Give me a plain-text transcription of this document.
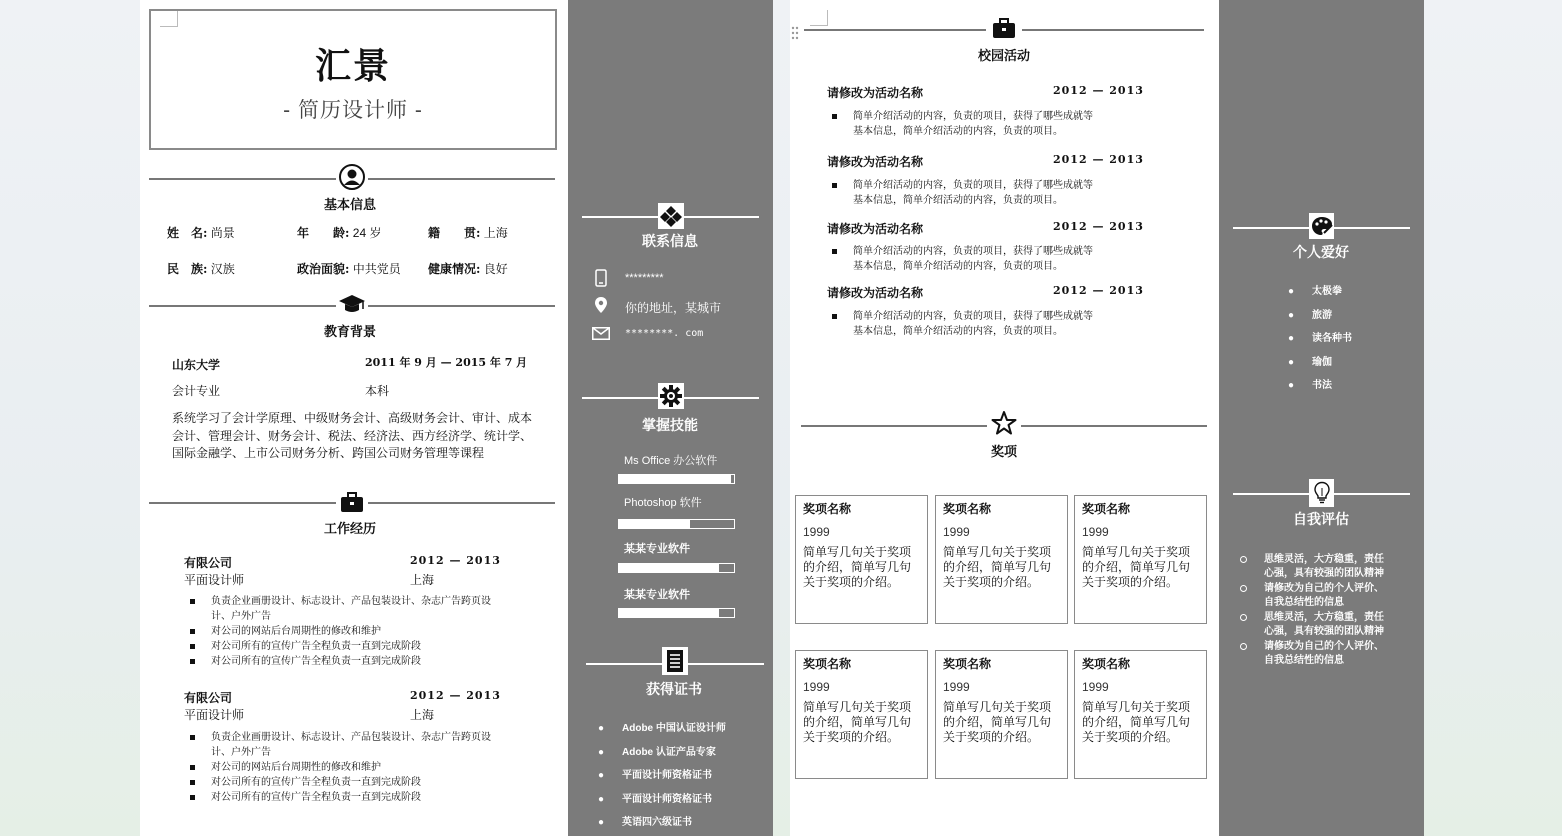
汇景
- 简历设计师 -
基本信息
姓　名: 尚景	年　　龄: 24 岁	籍　　贯: 上海
民　族: 汉族	政治面貌: 中共党员 健康情况: 良好
教育背景
山东大学	2011 年 9 月 — 2015 年 7 月
会计专业	本科
系统学习了会计学原理、中级财务会计、高级财务会计、审计、成本会计、管理会计、财务会计、税法、经济法、西方经济学、统计学、国际金融学、上市公司财务分析、跨国公司财务管理等课程
工作经历
有限公司	2012 — 2013
平面设计师	上海
负责企业画册设计、标志设计、产品包装设计、杂志广告跨页设计、户外广告
对公司的网站后台周期性的修改和维护
对公司所有的宣传广告全程负责一直到完成阶段
对公司所有的宣传广告全程负责一直到完成阶段
有限公司	2012 — 2013
平面设计师	上海
负责企业画册设计、标志设计、产品包装设计、杂志广告跨页设计、户外广告
对公司的网站后台周期性的修改和维护
对公司所有的宣传广告全程负责一直到完成阶段
对公司所有的宣传广告全程负责一直到完成阶段
联系信息
*********
你的地址，某城市
********. com
掌握技能
Ms Office 办公软件
Photoshop 软件
某某专业软件
某某专业软件
获得证书
● Adobe 中国认证设计师
● Adobe 认证产品专家
● 平面设计师资格证书
● 平面设计师资格证书
● 英语四六级证书
校园活动
请修改为活动名称	2012 — 2013
简单介绍活动的内容，负责的项目，获得了哪些成就等
基本信息，简单介绍活动的内容，负责的项目。
请修改为活动名称	2012 — 2013
简单介绍活动的内容，负责的项目，获得了哪些成就等
基本信息，简单介绍活动的内容，负责的项目。
请修改为活动名称	2012 — 2013
简单介绍活动的内容，负责的项目，获得了哪些成就等
基本信息，简单介绍活动的内容，负责的项目。
请修改为活动名称	2012 — 2013
简单介绍活动的内容，负责的项目，获得了哪些成就等
基本信息，简单介绍活动的内容，负责的项目。
奖项
奖项名称
1999
简单写几句关于奖项的介绍，简单写几句关于奖项的介绍。
奖项名称
1999
简单写几句关于奖项的介绍，简单写几句关于奖项的介绍。
奖项名称
1999
简单写几句关于奖项的介绍，简单写几句关于奖项的介绍。
奖项名称
1999
简单写几句关于奖项的介绍，简单写几句关于奖项的介绍。
奖项名称
1999
简单写几句关于奖项的介绍，简单写几句关于奖项的介绍。
奖项名称
1999
简单写几句关于奖项的介绍，简单写几句关于奖项的介绍。
个人爱好
● 太极拳
● 旅游
● 读各种书
● 瑜伽
● 书法
自我评估
思维灵活，大方稳重，责任
心强，具有较强的团队精神
请修改为自己的个人评价、
自我总结性的信息
思维灵活，大方稳重，责任
心强，具有较强的团队精神
请修改为自己的个人评价、
自我总结性的信息
